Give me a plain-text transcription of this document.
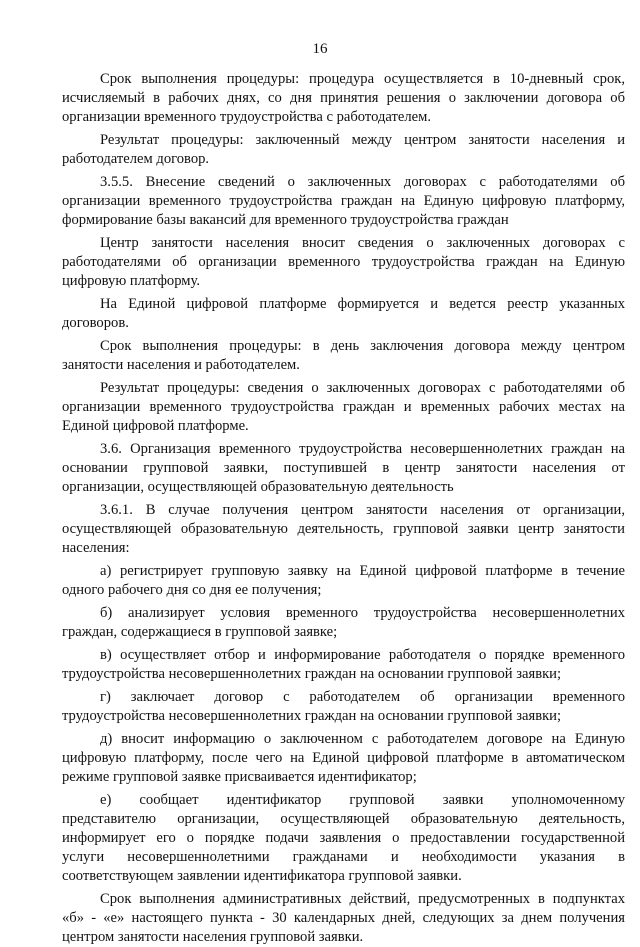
16
Срок выполнения процедуры: процедура осуществляется в 10-дневный срок,
исчисляемый в рабочих днях, со дня принятия решения о заключении договора об
организации временного трудоустройства с работодателем.
Результат процедуры: заключенный между центром занятости населения и
работодателем договор.
3.5.5. Внесение сведений о заключенных договорах с работодателями об
организации временного трудоустройства граждан на Единую цифровую платформу,
формирование базы вакансий для временного трудоустройства граждан
Центр занятости населения вносит сведения о заключенных договорах с
работодателями об организации временного трудоустройства граждан на Единую
цифровую платформу.
На Единой цифровой платформе формируется и ведется реестр указанных
договоров.
Срок выполнения процедуры: в день заключения договора между центром
занятости населения и работодателем.
Результат процедуры: сведения о заключенных договорах с работодателями об
организации временного трудоустройства граждан и временных рабочих местах на
Единой цифровой платформе.
3.6. Организация временного трудоустройства несовершеннолетних граждан на
основании групповой заявки, поступившей в центр занятости населения от
организации, осуществляющей образовательную деятельность
3.6.1. В случае получения центром занятости населения от организации,
осуществляющей образовательную деятельность, групповой заявки центр занятости
населения:
а) регистрирует групповую заявку на Единой цифровой платформе в течение
одного рабочего дня со дня ее получения;
б) анализирует условия временного трудоустройства несовершеннолетних
граждан, содержащиеся в групповой заявке;
в) осуществляет отбор и информирование работодателя о порядке временного
трудоустройства несовершеннолетних граждан на основании групповой заявки;
г) заключает договор с работодателем об организации временного
трудоустройства несовершеннолетних граждан на основании групповой заявки;
д) вносит информацию о заключенном с работодателем договоре на Единую
цифровую платформу, после чего на Единой цифровой платформе в автоматическом
режиме групповой заявке присваивается идентификатор;
е) сообщает идентификатор групповой заявки уполномоченному
представителю организации, осуществляющей образовательную деятельность,
информирует его о порядке подачи заявления о предоставлении государственной
услуги несовершеннолетними гражданами и необходимости указания в
соответствующем заявлении идентификатора групповой заявки.
Срок выполнения административных действий, предусмотренных в подпунктах
«б» - «е» настоящего пункта - 30 календарных дней, следующих за днем получения
центром занятости населения групповой заявки.
